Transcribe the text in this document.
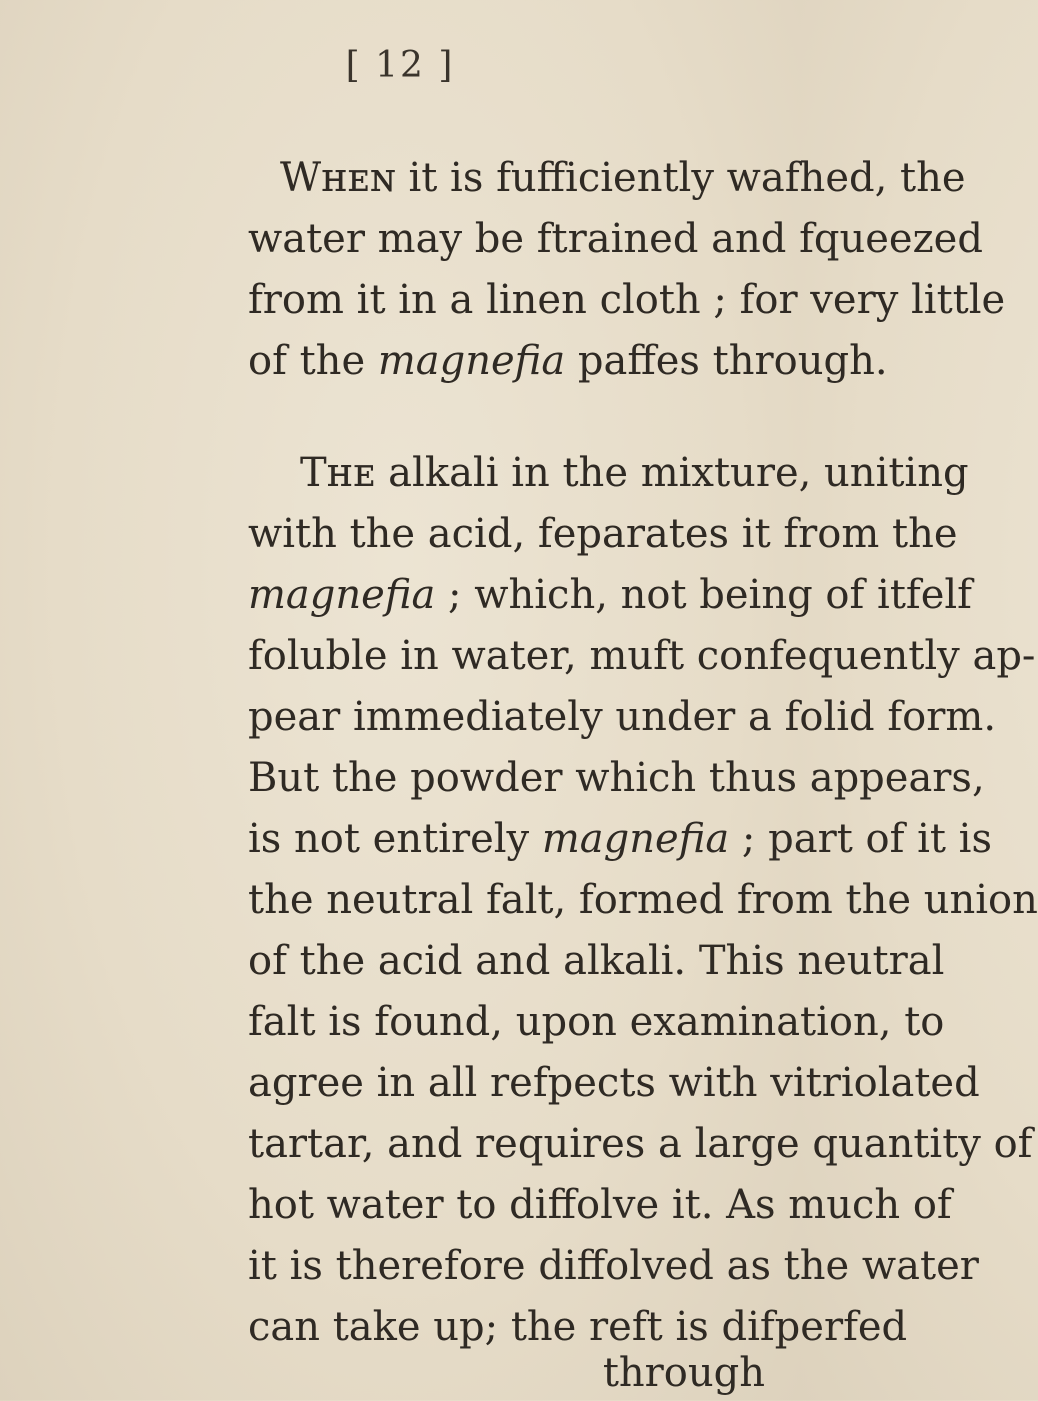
[ 12 ]
Wʜᴇɴ it is fufficiently wafhed, the
water may be ftrained and fqueezed
from it in a linen cloth ; for very little
of the magnefia paffes through.
Tʜᴇ alkali in the mixture, uniting
with the acid, feparates it from the
magnefia ; which, not being of itfelf
foluble in water, muft confequently ap-
pear immediately under a folid form.
But the powder which thus appears,
is not entirely magnefia ; part of it is
the neutral falt, formed from the union
of the acid and alkali. This neutral
falt is found, upon examination, to
agree in all refpects with vitriolated
tartar, and requires a large quantity of
hot water to diffolve it. As much of
it is therefore diffolved as the water
can take up; the reft is difperfed
through
